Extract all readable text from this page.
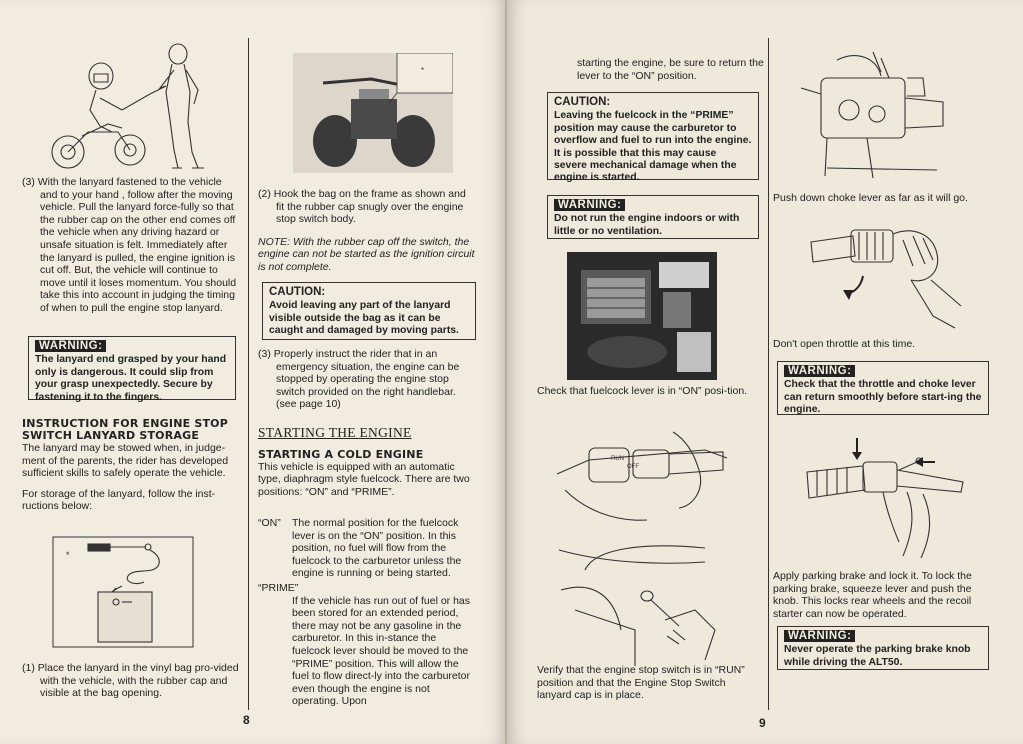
(3) With the lanyard fastened to the vehicle and to your hand , follow after the moving vehicle. Pull the lanyard force-fully so that the rubber cap on the other end comes off the vehicle when any driving hazard or unsafe situation is felt. Immediately after the lanyard is pulled, the engine ignition is cut off. But, the vehicle will continue to move until it loses momentum. You should take this into account in judging the timing of when to pull the engine stop lanyard.

WARNING:
The lanyard end grasped by your hand only is dangerous. It could slip from your grasp unexpectedly. Secure by fastening it to the fingers.
INSTRUCTION FOR ENGINE STOP SWITCH LANYARD STORAGE

The lanyard may be stowed when, in judge-ment of the parents, the rider has developed sufficient skills to safely operate the vehicle.

For storage of the lanyard, follow the inst-ructions below:

*

(1) Place the lanyard in the vinyl bag pro-vided with the vehicle, with the rubber cap and visible at the bag opening.

*

(2) Hook the bag on the frame as shown and fit the rubber cap snugly over the engine stop switch body.

NOTE: With the rubber cap off the switch, the engine can not be started as the ignition circuit is not complete.

CAUTION:
Avoid leaving any part of the lanyard visible outside the bag as it can be caught and damaged by moving parts.

(3) Properly instruct the rider that in an emergency situation, the engine can be stopped by operating the engine stop switch provided on the right handlebar. (see page 10)

STARTING THE ENGINE
STARTING A COLD ENGINE

This vehicle is equipped with an automatic type, diaphragm style fuelcock. There are two positions: “ON” and “PRIME”.

“ON” The normal position for the fuelcock lever is on the “ON” position. In this position, no fuel will flow from the fuelcock to the carburetor unless the engine is running or being started.
“PRIME”
If the vehicle has run out of fuel or has been stored for an extended period, there may not be any gasoline in the carburetor. In this in-stance the fuelcock lever should be moved to the “PRIME” position. This will allow the fuel to flow direct-ly into the carburetor even though the engine is not operating. Upon
8

starting the engine, be sure to return the lever to the “ON” position.

CAUTION:
Leaving the fuelcock in the “PRIME” position may cause the carburetor to overflow and fuel to run into the engine. It is possible that this may cause severe mechanical damage when the engine is started.
WARNING:
Do not run the engine indoors or with little or no ventilation.

Check that fuelcock lever is in “ON” posi-tion.

RUN
OFF

Verify that the engine stop switch is in “RUN” position and that the Engine Stop Switch lanyard cap is in place.

Push down choke lever as far as it will go.

Don't open throttle at this time.

WARNING:
Check that the throttle and choke lever can return smoothly before start-ing the engine.

Apply parking brake and lock it. To lock the parking brake, squeeze lever and push the knob. This locks rear wheels and the recoil starter can now be operated.

WARNING:
Never operate the parking brake knob while driving the ALT50.
9
